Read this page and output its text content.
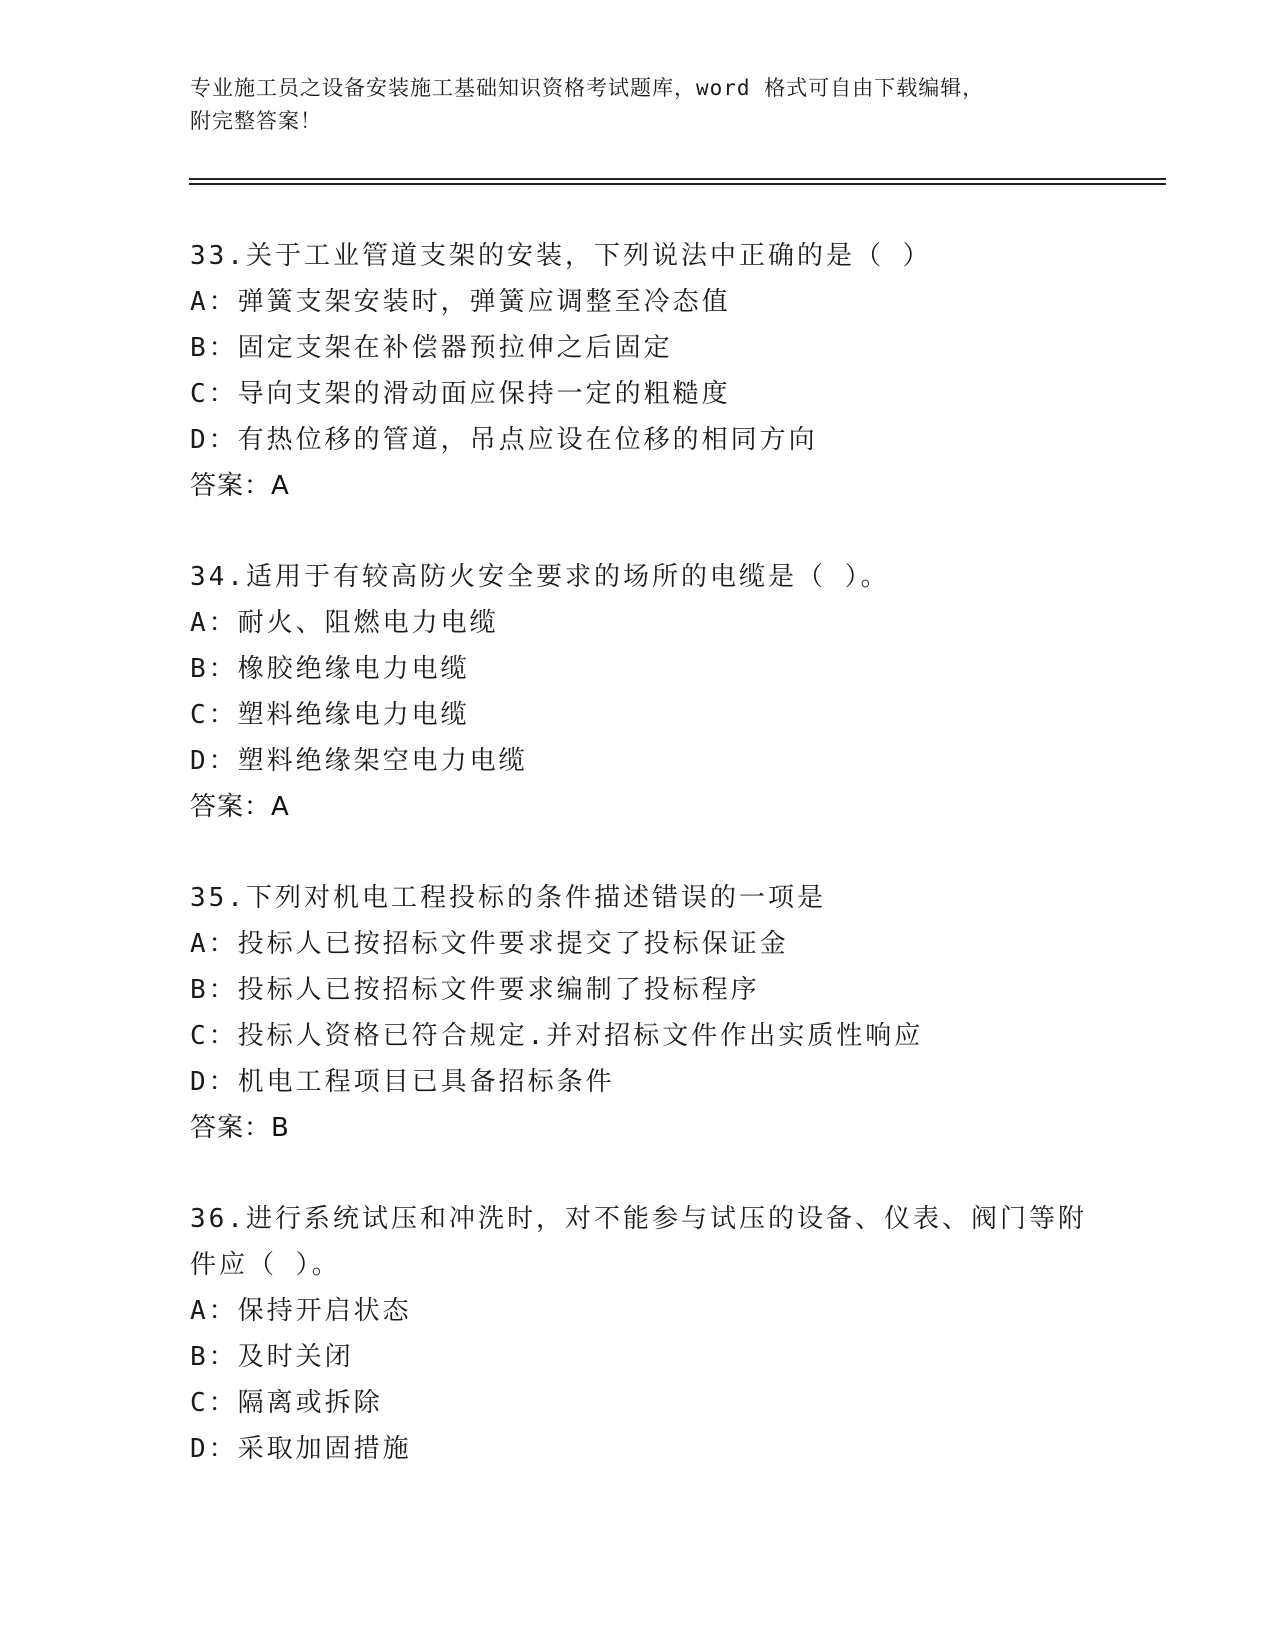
专业施工员之设备安装施工基础知识资格考试题库，word 格式可自由下载编辑，
附完整答案！
33.关于工业管道支架的安装，下列说法中正确的是（ ）
A：弹簧支架安装时，弹簧应调整至冷态值
B：固定支架在补偿器预拉伸之后固定
C：导向支架的滑动面应保持一定的粗糙度
D：有热位移的管道，吊点应设在位移的相同方向
答案：A
34.适用于有较高防火安全要求的场所的电缆是（ ）。
A：耐火、阻燃电力电缆
B：橡胶绝缘电力电缆
C：塑料绝缘电力电缆
D：塑料绝缘架空电力电缆
答案：A
35.下列对机电工程投标的条件描述错误的一项是
A：投标人已按招标文件要求提交了投标保证金
B：投标人已按招标文件要求编制了投标程序
C：投标人资格已符合规定.并对招标文件作出实质性响应
D：机电工程项目已具备招标条件
答案：B
36.进行系统试压和冲洗时，对不能参与试压的设备、仪表、阀门等附
件应（ ）。
A：保持开启状态
B：及时关闭
C：隔离或拆除
D：采取加固措施
